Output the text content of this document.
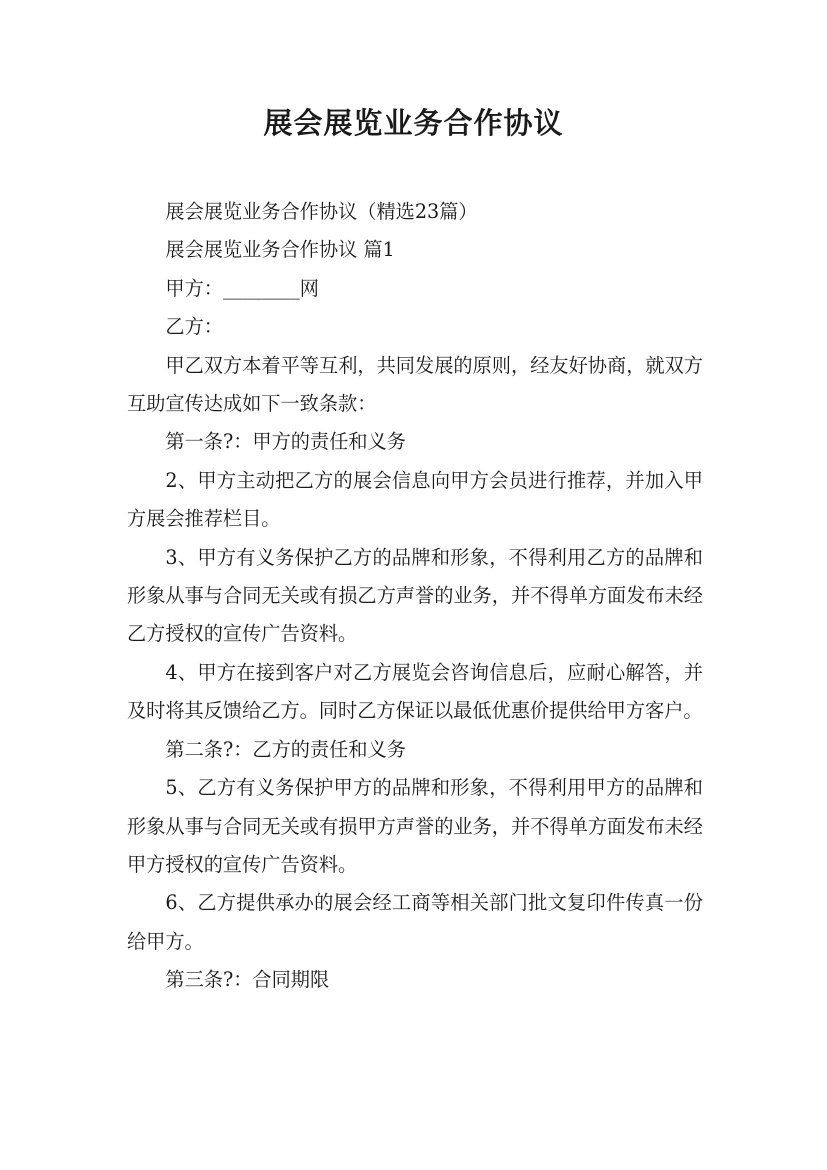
展会展览业务合作协议

展会展览业务合作协议（精选23篇）

展会展览业务合作协议 篇1

甲方：________网

乙方：

甲乙双方本着平等互利，共同发展的原则，经友好协商，就双方互助宣传达成如下一致条款：

第一条?：甲方的责任和义务

2、甲方主动把乙方的展会信息向甲方会员进行推荐，并加入甲方展会推荐栏目。

3、甲方有义务保护乙方的品牌和形象，不得利用乙方的品牌和形象从事与合同无关或有损乙方声誉的业务，并不得单方面发布未经乙方授权的宣传广告资料。

4、甲方在接到客户对乙方展览会咨询信息后，应耐心解答，并及时将其反馈给乙方。同时乙方保证以最低优惠价提供给甲方客户。

第二条?：乙方的责任和义务

5、乙方有义务保护甲方的品牌和形象，不得利用甲方的品牌和形象从事与合同无关或有损甲方声誉的业务，并不得单方面发布未经甲方授权的宣传广告资料。

6、乙方提供承办的展会经工商等相关部门批文复印件传真一份给甲方。

第三条?：合同期限
